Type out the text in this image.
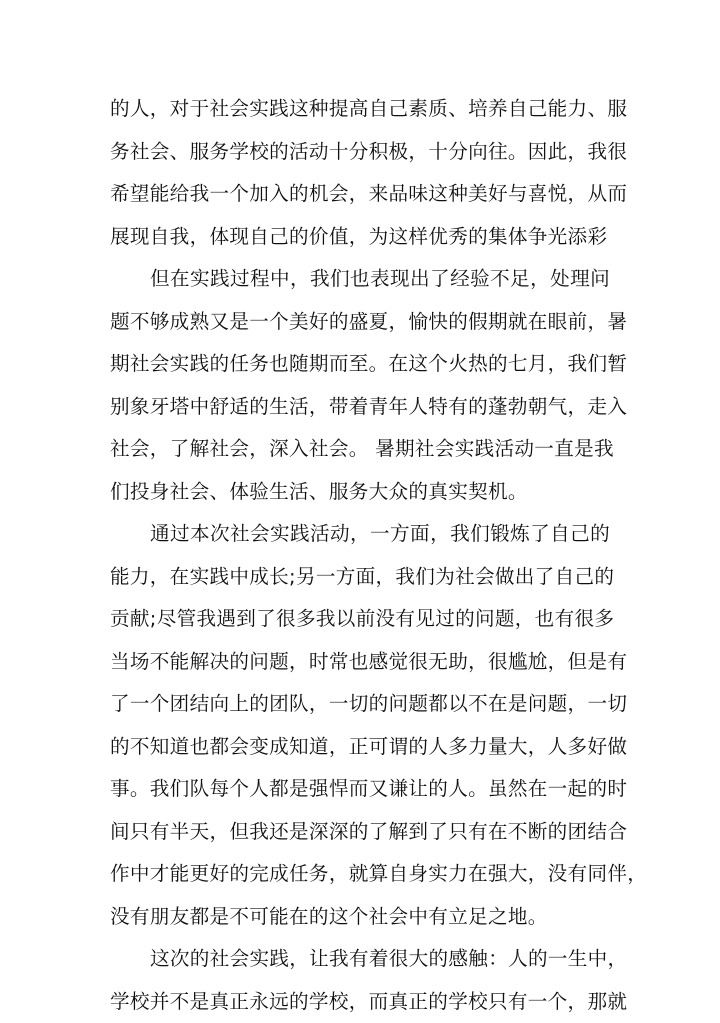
的人，对于社会实践这种提高自己素质、培养自己能力、服
务社会、服务学校的活动十分积极，十分向往。因此，我很
希望能给我一个加入的机会，来品味这种美好与喜悦，从而
展现自我，体现自己的价值，为这样优秀的集体争光添彩
但在实践过程中，我们也表现出了经验不足，处理问
题不够成熟又是一个美好的盛夏，愉快的假期就在眼前，暑
期社会实践的任务也随期而至。在这个火热的七月，我们暂
别象牙塔中舒适的生活，带着青年人特有的蓬勃朝气，走入
社会，了解社会，深入社会。 暑期社会实践活动一直是我
们投身社会、体验生活、服务大众的真实契机。
通过本次社会实践活动，一方面，我们锻炼了自己的
能力，在实践中成长;另一方面，我们为社会做出了自己的
贡献;尽管我遇到了很多我以前没有见过的问题，也有很多
当场不能解决的问题，时常也感觉很无助，很尴尬，但是有
了一个团结向上的团队，一切的问题都以不在是问题，一切
的不知道也都会变成知道，正可谓的人多力量大，人多好做
事。我们队每个人都是强悍而又谦让的人。虽然在一起的时
间只有半天，但我还是深深的了解到了只有在不断的团结合
作中才能更好的完成任务，就算自身实力在强大，没有同伴，
没有朋友都是不可能在的这个社会中有立足之地。
这次的社会实践，让我有着很大的感触：人的一生中，
学校并不是真正永远的学校，而真正的学校只有一个，那就
